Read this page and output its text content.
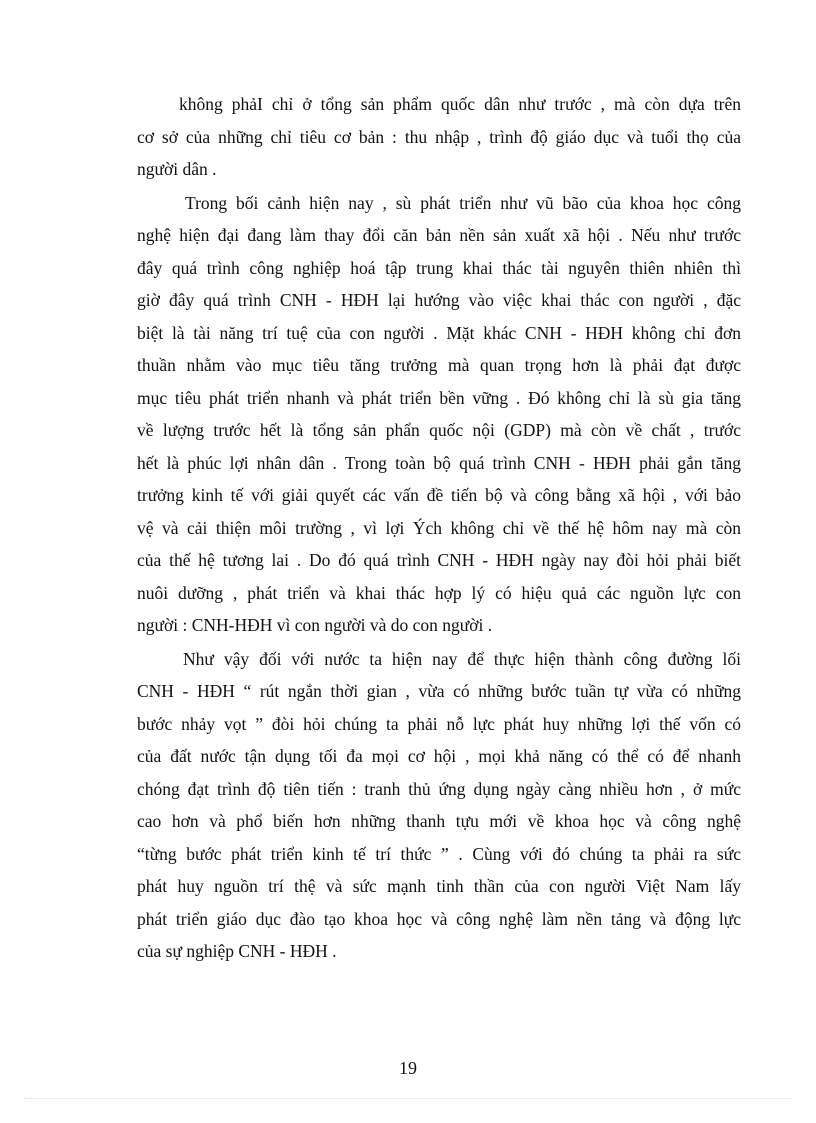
không phảI chỉ ở tổng sản phẩm quốc dân như trước , mà còn dựa trên
cơ sở của những chỉ tiêu cơ bản : thu nhập , trình độ giáo dục và tuổi thọ của
người dân .
Trong bối cảnh hiện nay , sù phát triển như vũ bão của khoa học công
nghệ hiện đại đang làm thay đổi căn bản nền sản xuất xã hội . Nếu như trước
đây quá trình công nghiệp hoá tập trung khai thác tài nguyên thiên nhiên thì
giờ đây quá trình CNH - HĐH lại hướng vào việc khai thác con người , đặc
biệt là tài năng trí tuệ của con người . Mặt khác CNH - HĐH không chỉ đơn
thuần nhằm vào mục tiêu tăng trưởng mà quan trọng hơn là phải đạt được
mục tiêu phát triển nhanh và phát triển bền vững . Đó không chỉ là sù gia tăng
về lượng trước hết là tổng sản phẩn quốc nội (GDP) mà còn về chất , trước
hết là phúc lợi nhân dân . Trong toàn bộ quá trình CNH - HĐH phải gắn tăng
trưởng kinh tế với giải quyết các vấn đề tiến bộ và công bằng xã hội , với bảo
vệ và cải thiện môi trường , vì lợi Ých không chỉ về thế hệ hôm nay mà còn
của thế hệ tương lai . Do đó quá trình CNH - HĐH ngày nay đòi hỏi phải biết
nuôi dưỡng , phát triển và khai thác hợp lý có hiệu quả các nguồn lực con
người : CNH-HĐH vì con người và do con người .
Như vậy đối với nước ta hiện nay để thực hiện thành công đường lối
CNH - HĐH “ rút ngắn thời gian , vừa có những bước tuần tự vừa có những
bước nhảy vọt ” đòi hỏi chúng ta phải nỗ lực phát huy những lợi thế vốn có
của đất nước tận dụng tối đa mọi cơ hội , mọi khả năng có thể có để nhanh
chóng đạt trình độ tiên tiến : tranh thủ ứng dụng ngày càng nhiều hơn , ở mức
cao hơn và phổ biến hơn những thanh tựu mới về khoa học và công nghệ
“từng bước phát triển kinh tế trí thức ” . Cùng với đó chúng ta phải ra sức
phát huy nguồn trí thệ và sức mạnh tinh thần của con người Việt Nam lấy
phát triển giáo dục đào tạo khoa học và công nghệ làm nền tảng và động lực
của sự nghiệp CNH - HĐH .
19
